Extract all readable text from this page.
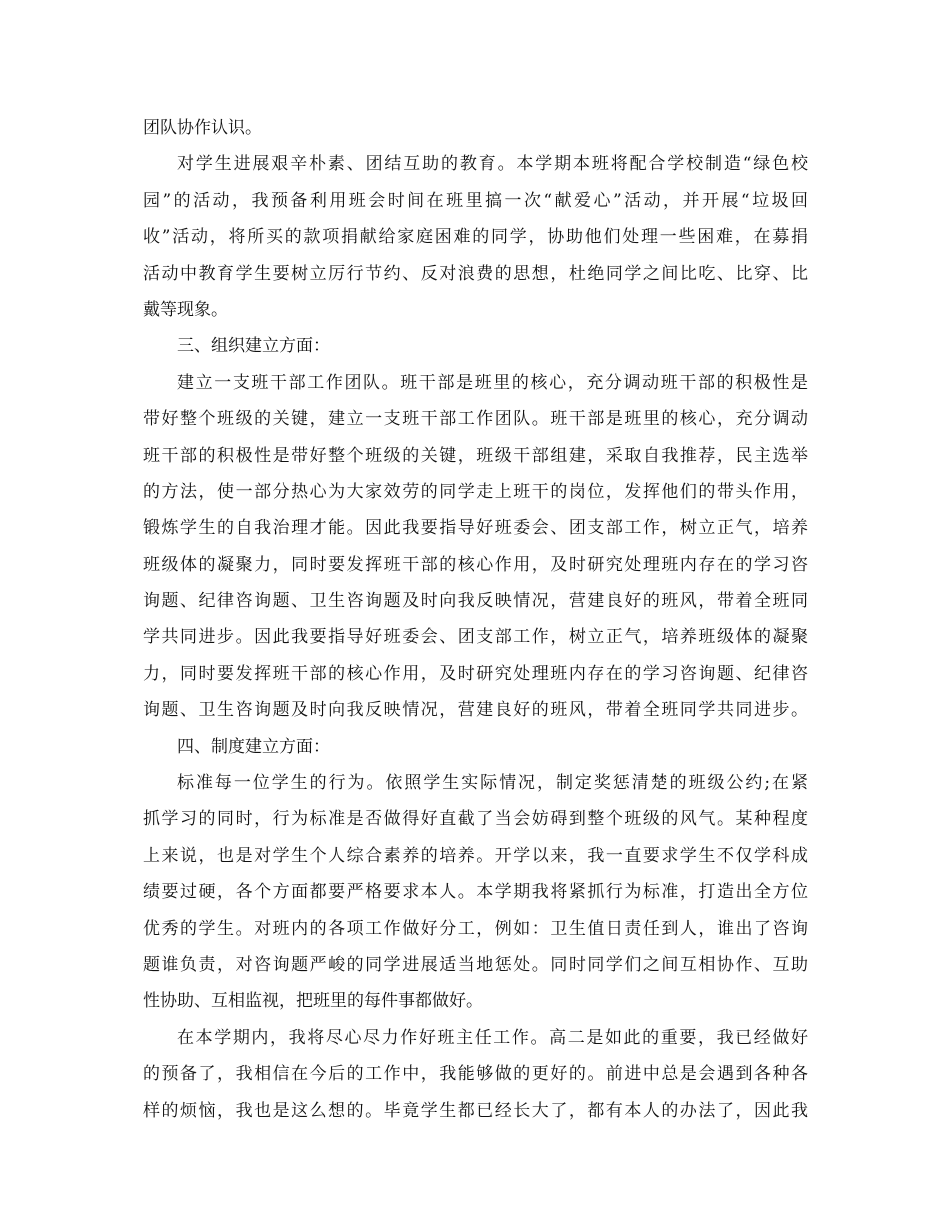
团队协作认识。
对学生进展艰辛朴素、团结互助的教育。本学期本班将配合学校制造“绿色校
园”的活动，我预备利用班会时间在班里搞一次“献爱心”活动，并开展“垃圾回
收”活动，将所买的款项捐献给家庭困难的同学，协助他们处理一些困难，在募捐
活动中教育学生要树立厉行节约、反对浪费的思想，杜绝同学之间比吃、比穿、比
戴等现象。
三、组织建立方面：
建立一支班干部工作团队。班干部是班里的核心，充分调动班干部的积极性是
带好整个班级的关键，建立一支班干部工作团队。班干部是班里的核心，充分调动
班干部的积极性是带好整个班级的关键，班级干部组建，采取自我推荐，民主选举
的方法，使一部分热心为大家效劳的同学走上班干的岗位，发挥他们的带头作用，
锻炼学生的自我治理才能。因此我要指导好班委会、团支部工作，树立正气，培养
班级体的凝聚力，同时要发挥班干部的核心作用，及时研究处理班内存在的学习咨
询题、纪律咨询题、卫生咨询题及时向我反映情况，营建良好的班风，带着全班同
学共同进步。因此我要指导好班委会、团支部工作，树立正气，培养班级体的凝聚
力，同时要发挥班干部的核心作用，及时研究处理班内存在的学习咨询题、纪律咨
询题、卫生咨询题及时向我反映情况，营建良好的班风，带着全班同学共同进步。
四、制度建立方面：
标准每一位学生的行为。依照学生实际情况，制定奖惩清楚的班级公约;在紧
抓学习的同时，行为标准是否做得好直截了当会妨碍到整个班级的风气。某种程度
上来说，也是对学生个人综合素养的培养。开学以来，我一直要求学生不仅学科成
绩要过硬，各个方面都要严格要求本人。本学期我将紧抓行为标准，打造出全方位
优秀的学生。对班内的各项工作做好分工，例如：卫生值日责任到人，谁出了咨询
题谁负责，对咨询题严峻的同学进展适当地惩处。同时同学们之间互相协作、互助
性协助、互相监视，把班里的每件事都做好。
在本学期内，我将尽心尽力作好班主任工作。高二是如此的重要，我已经做好
的预备了，我相信在今后的工作中，我能够做的更好的。前进中总是会遇到各种各
样的烦恼，我也是这么想的。毕竟学生都已经长大了，都有本人的办法了，因此我
